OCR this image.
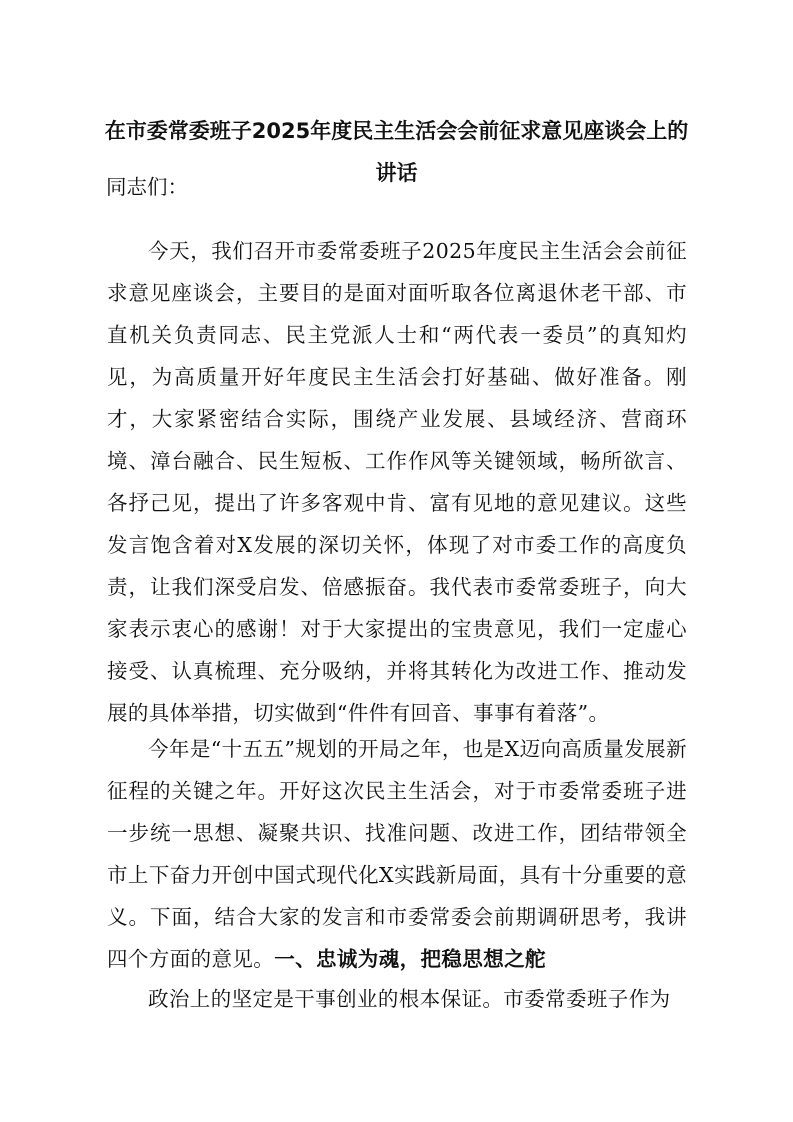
在市委常委班子2025年度民主生活会会前征求意见座谈会上的
讲话

同志们：

今天，我们召开市委常委班子2025年度民主生活会会前征求意见座谈会，主要目的是面对面听取各位离退休老干部、市直机关负责同志、民主党派人士和“两代表一委员”的真知灼见，为高质量开好年度民主生活会打好基础、做好准备。刚才，大家紧密结合实际，围绕产业发展、县域经济、营商环境、漳台融合、民生短板、工作作风等关键领域，畅所欲言、各抒己见，提出了许多客观中肯、富有见地的意见建议。这些发言饱含着对X发展的深切关怀，体现了对市委工作的高度负责，让我们深受启发、倍感振奋。我代表市委常委班子，向大家表示衷心的感谢！对于大家提出的宝贵意见，我们一定虚心接受、认真梳理、充分吸纳，并将其转化为改进工作、推动发展的具体举措，切实做到“件件有回音、事事有着落”。

今年是“十五五”规划的开局之年，也是X迈向高质量发展新征程的关键之年。开好这次民主生活会，对于市委常委班子进一步统一思想、凝聚共识、找准问题、改进工作，团结带领全市上下奋力开创中国式现代化X实践新局面，具有十分重要的意义。下面，结合大家的发言和市委常委会前期调研思考，我讲四个方面的意见。一、忠诚为魂，把稳思想之舵

政治上的坚定是干事创业的根本保证。市委常委班子作为
